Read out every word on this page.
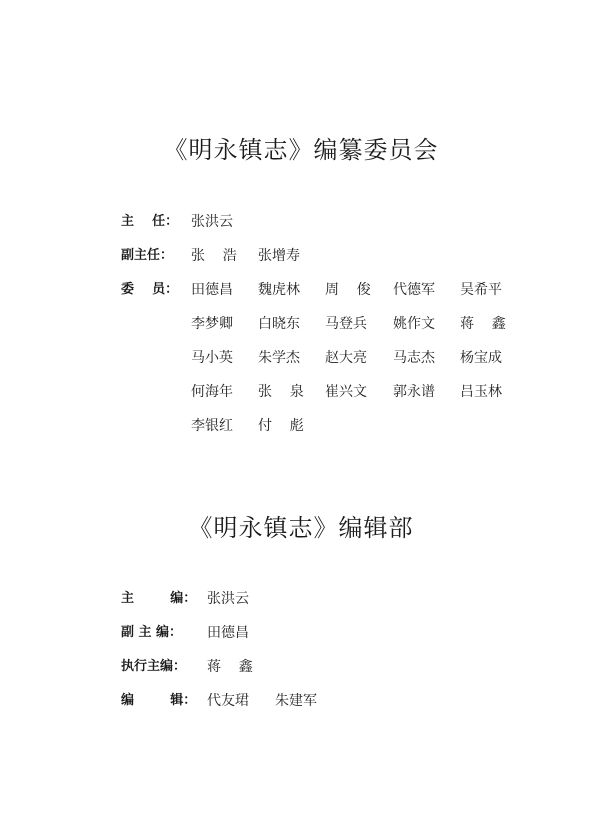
《明永镇志》编纂委员会
主    任： 张洪云
副主任： 张    浩 张增寿
委    员： 田德昌 魏虎林 周    俊 代德军 吴希平
李梦卿 白晓东 马登兵 姚作文 蒋    鑫
马小英 朱学杰 赵大亮 马志杰 杨宝成
何海年 张    泉 崔兴文 郭永谱 吕玉林
李银红 付    彪
《明永镇志》编辑部
主        编： 张洪云
副 主 编： 田德昌
执行主编： 蒋    鑫
编        辑： 代友珺 朱建军
